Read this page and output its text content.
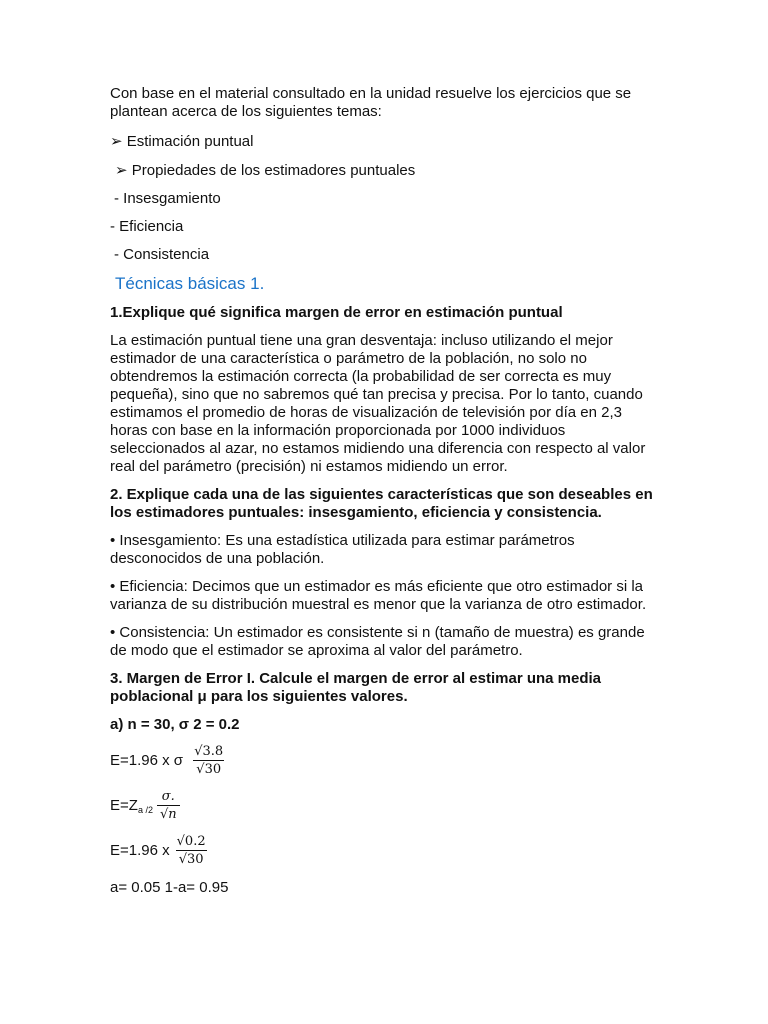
Con base en el material consultado en la unidad resuelve los ejercicios que se plantean acerca de los siguientes temas:

➢ Estimación puntual

➢ Propiedades de los estimadores puntuales

- Insesgamiento

- Eficiencia

- Consistencia

Técnicas básicas 1.

1.Explique qué significa margen de error en estimación puntual

La estimación puntual tiene una gran desventaja: incluso utilizando el mejor estimador de una característica o parámetro de la población, no solo no obtendremos la estimación correcta (la probabilidad de ser correcta es muy pequeña), sino que no sabremos qué tan precisa y precisa. Por lo tanto, cuando estimamos el promedio de horas de visualización de televisión por día en 2,3 horas con base en la información proporcionada por 1000 individuos seleccionados al azar, no estamos midiendo una diferencia con respecto al valor real del parámetro (precisión) ni estamos midiendo un error.

2. Explique cada una de las siguientes características que son deseables en los estimadores puntuales: insesgamiento, eficiencia y consistencia.

• Insesgamiento: Es una estadística utilizada para estimar parámetros desconocidos de una población.

• Eficiencia: Decimos que un estimador es más eficiente que otro estimador si la varianza de su distribución muestral es menor que la varianza de otro estimador.

• Consistencia: Un estimador es consistente si n (tamaño de muestra) es grande de modo que el estimador se aproxima al valor del parámetro.

3. Margen de Error I. Calcule el margen de error al estimar una media poblacional μ para los siguientes valores.

a) n = 30, σ 2 = 0.2

E=1.96 x σ $\frac{√3.8}{√30}$
E=Z a $/2 \frac{\sigma.}{√n}$
E=1.96 x $\frac{√0.2}{√30}$

a= 0.05 1-a= 0.95
